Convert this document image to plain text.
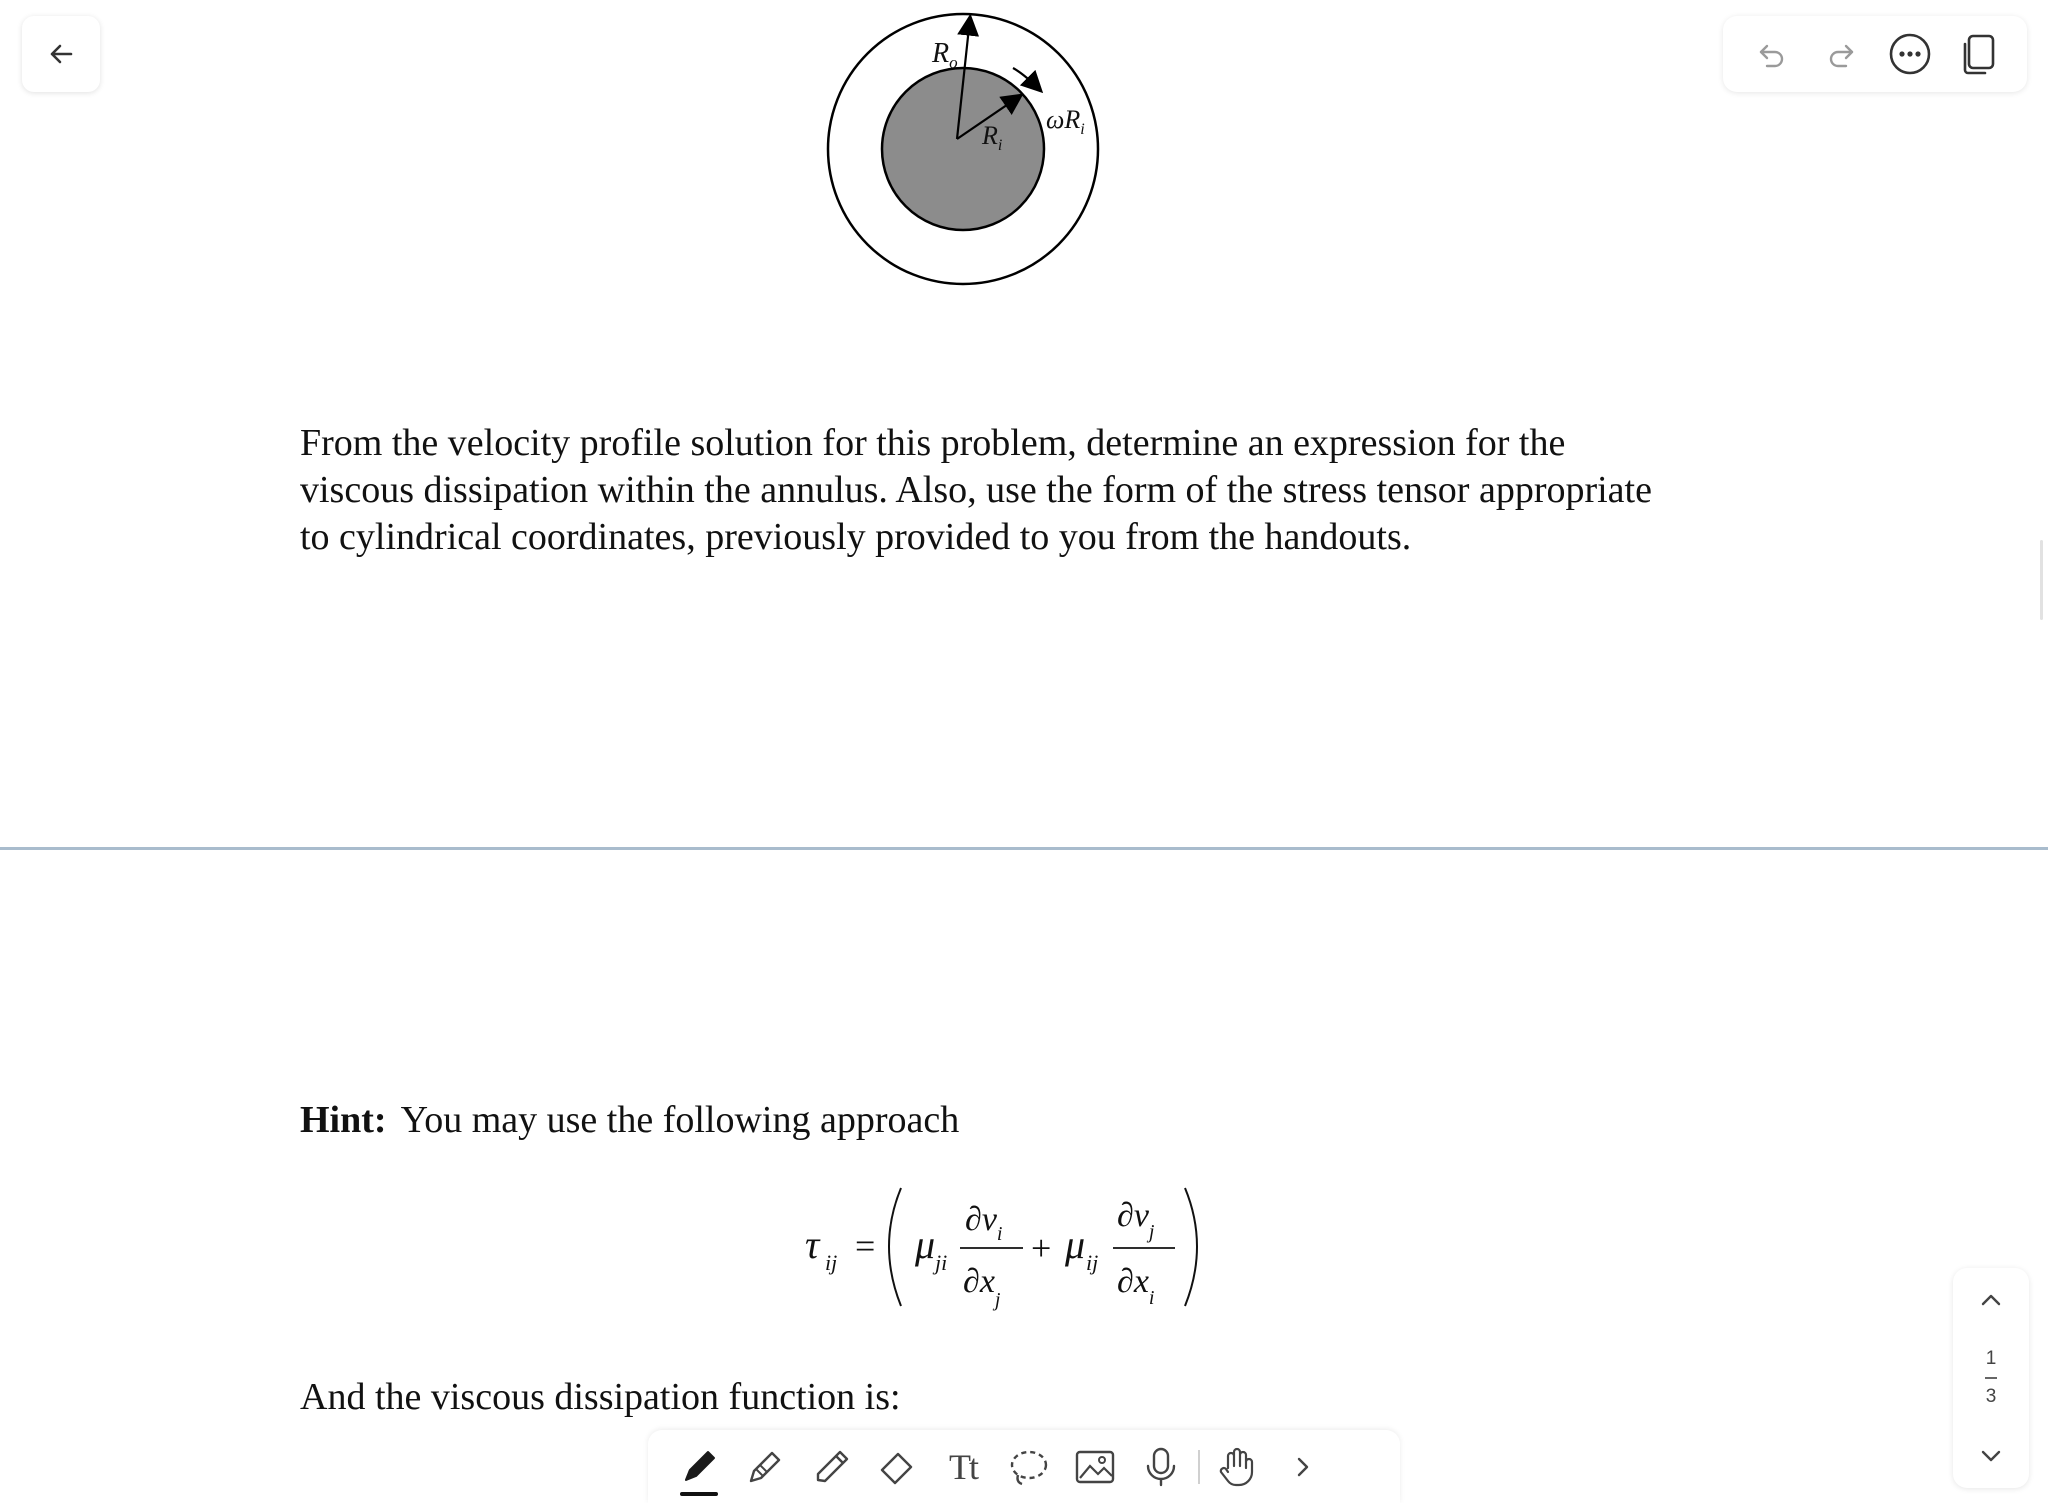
$R_o$
$R_i$
$\omega R_i$
From the velocity profile solution for this problem, determine an expression for the
viscous dissipation within the annulus. Also, use the form of the stress tensor appropriate
to cylindrical coordinates, previously provided to you from the handouts.
Hint: You may use the following approach
τ ij μ ji	μ ij
$\partial v_i$
$\partial x_j$
$\partial v_j$
$\partial x_i$
=	+
And the viscous dissipation function is:
Tt
1
3
